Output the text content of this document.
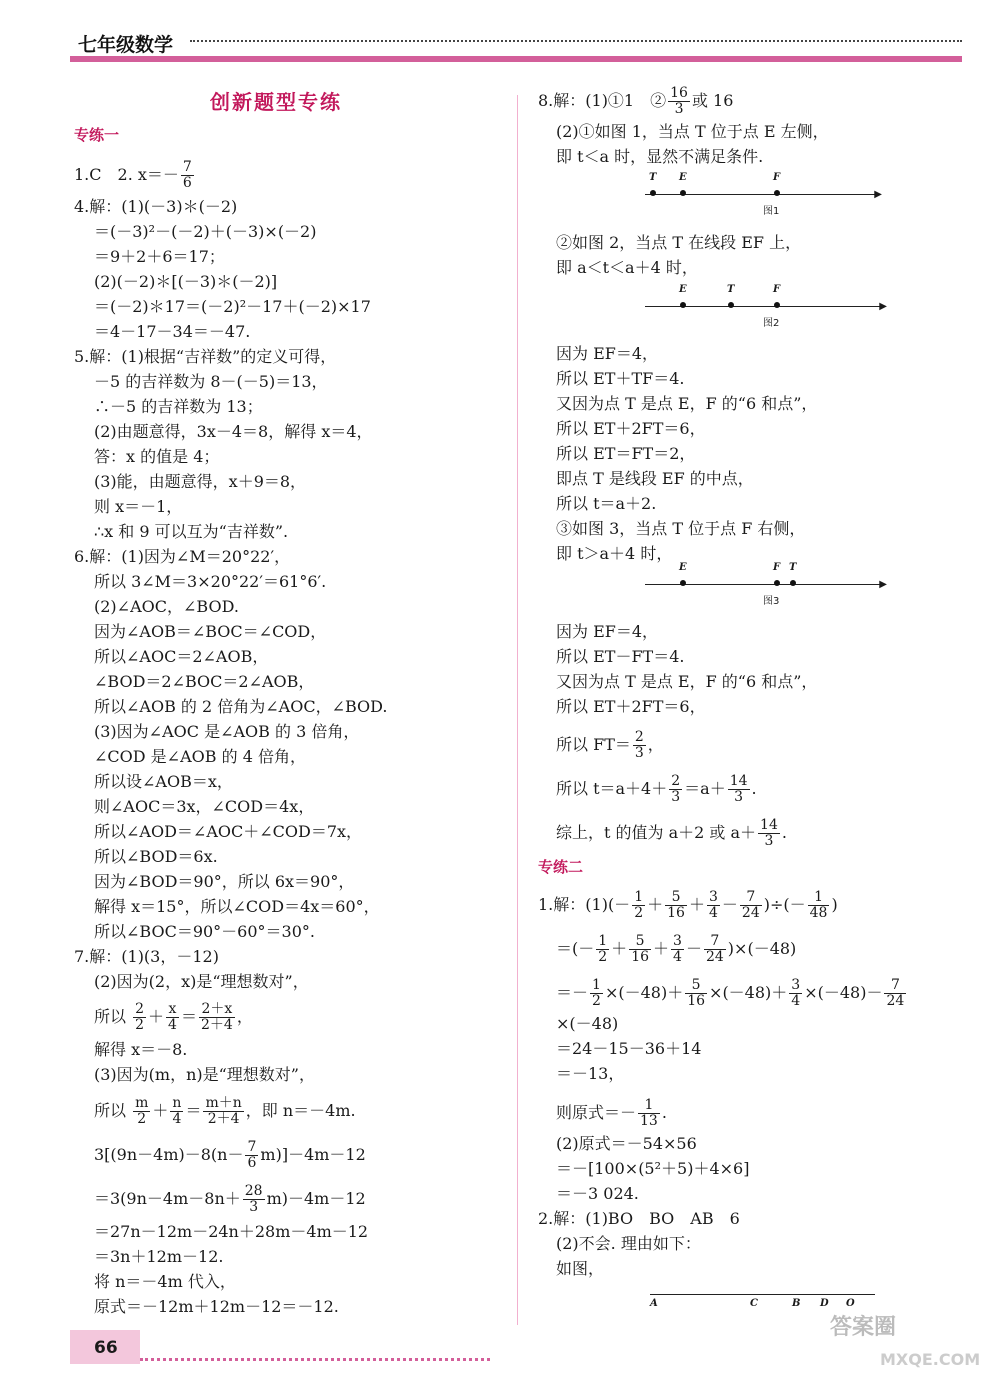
七年级数学
创新题型专练
专练一
1.C　2. $x=- \frac{7}{6}$
4.解：(1)(－3)＊(－2)
＝(－3)²－(－2)＋(－3)×(－2)
＝9＋2＋6＝17；
(2)(－2)＊[(－3)＊(－2)]
＝(－2)＊17＝(－2)²－17＋(－2)×17
＝4－17－34＝－47.
5.解：(1)根据“吉祥数”的定义可得，
－5 的吉祥数为 8－(－5)＝13，
∴－5 的吉祥数为 13；
(2)由题意得，3x－4＝8，解得 x＝4，
答：x 的值是 4；
(3)能，由题意得，x＋9＝8，
则 x＝－1，
∴x 和 9 可以互为“吉祥数”.
6.解：(1)因为∠M＝20°22′，
所以 3∠M＝3×20°22′＝61°6′.
(2)∠AOC，∠BOD.
因为∠AOB＝∠BOC＝∠COD，
所以∠AOC＝2∠AOB，
∠BOD＝2∠BOC＝2∠AOB，
所以∠AOB 的 2 倍角为∠AOC，∠BOD.
(3)因为∠AOC 是∠AOB 的 3 倍角，
∠COD 是∠AOB 的 4 倍角，
所以设∠AOB＝x，
则∠AOC＝3x，∠COD＝4x，
所以∠AOD＝∠AOC＋∠COD＝7x，
所以∠BOD＝6x.
因为∠BOD＝90°，所以 6x＝90°，
解得 x＝15°，所以∠COD＝4x＝60°，
所以∠BOC＝90°－60°＝30°.
7.解：(1)(3，－12)
(2)因为(2，x)是“理想数对”，
所以 $\frac{2}{2} + \frac{x}{4} = \frac{2+x}{2+4}$ ，
解得 x＝－8.
(3)因为(m，n)是“理想数对”，
所以 $\frac{m}{2} + \frac{n}{4} = \frac{m+n}{2+4}$ ，即 n＝－4m.
$3[(9n-4m)-8(n- \frac{7}{6} m)]-4m-12$
$=3(9n-4m-8n+ \frac{28}{3} m)-4m-12$
＝27n－12m－24n＋28m－4m－12
＝3n＋12m－12.
将 n＝－4m 代入，
原式＝－12m＋12m－12＝－12.
8.解：(1)①1　② $\frac{16}{3}$ 或 16
(2)①如图 1，当点 T 位于点 E 左侧，
即 t＜a 时，显然不满足条件.
▶
T E	F
图1
②如图 2，当点 T 在线段 EF 上，
即 a＜t＜a＋4 时，
▶
E	T	F
图2
因为 EF＝4，
所以 ET＋TF＝4.
又因为点 T 是点 E，F 的“6 和点”，
所以 ET＋2FT＝6，
所以 ET＝FT＝2，
即点 T 是线段 EF 的中点，
所以 t＝a＋2.
③如图 3，当点 T 位于点 F 右侧，
即 t＞a＋4 时，
▶
E	F T
图3
因为 EF＝4，
所以 ET－FT＝4.
又因为点 T 是点 E，F 的“6 和点”，
所以 ET＋2FT＝6，
所以 $FT= \frac{2}{3}$ ，
所以 $t=a+4+ \frac{2}{3} =a+ \frac{14}{3}$ .
综上，t 的值为 a＋2 或 $a+ \frac{14}{3}$ .
专练二
1.解：$(1)(- \frac{1}{2} + \frac{5}{16} + \frac{3}{4} - \frac{7}{24}$ )÷(－ $\frac{1}{48}$ )
＝(－ $\frac{1}{2} + \frac{5}{16} + \frac{3}{4} - \frac{7}{24} )\times(-48)$
＝－ $\frac{1}{2} \times(-48)+ \frac{5}{16} \times(-48)+ \frac{3}{4} \times(-48)- \frac{7}{24}$
×(－48)
＝24－15－36＋14
＝－13，
则原式＝－ $\frac{1}{13}$ .
(2)原式＝－54×56
＝－[100×(5²＋5)＋4×6]
＝－3 024.
2.解：(1)BO　BO　AB　6
(2)不会. 理由如下：
如图，
A	C	B D O
66
答案圈
MXQE.COM
